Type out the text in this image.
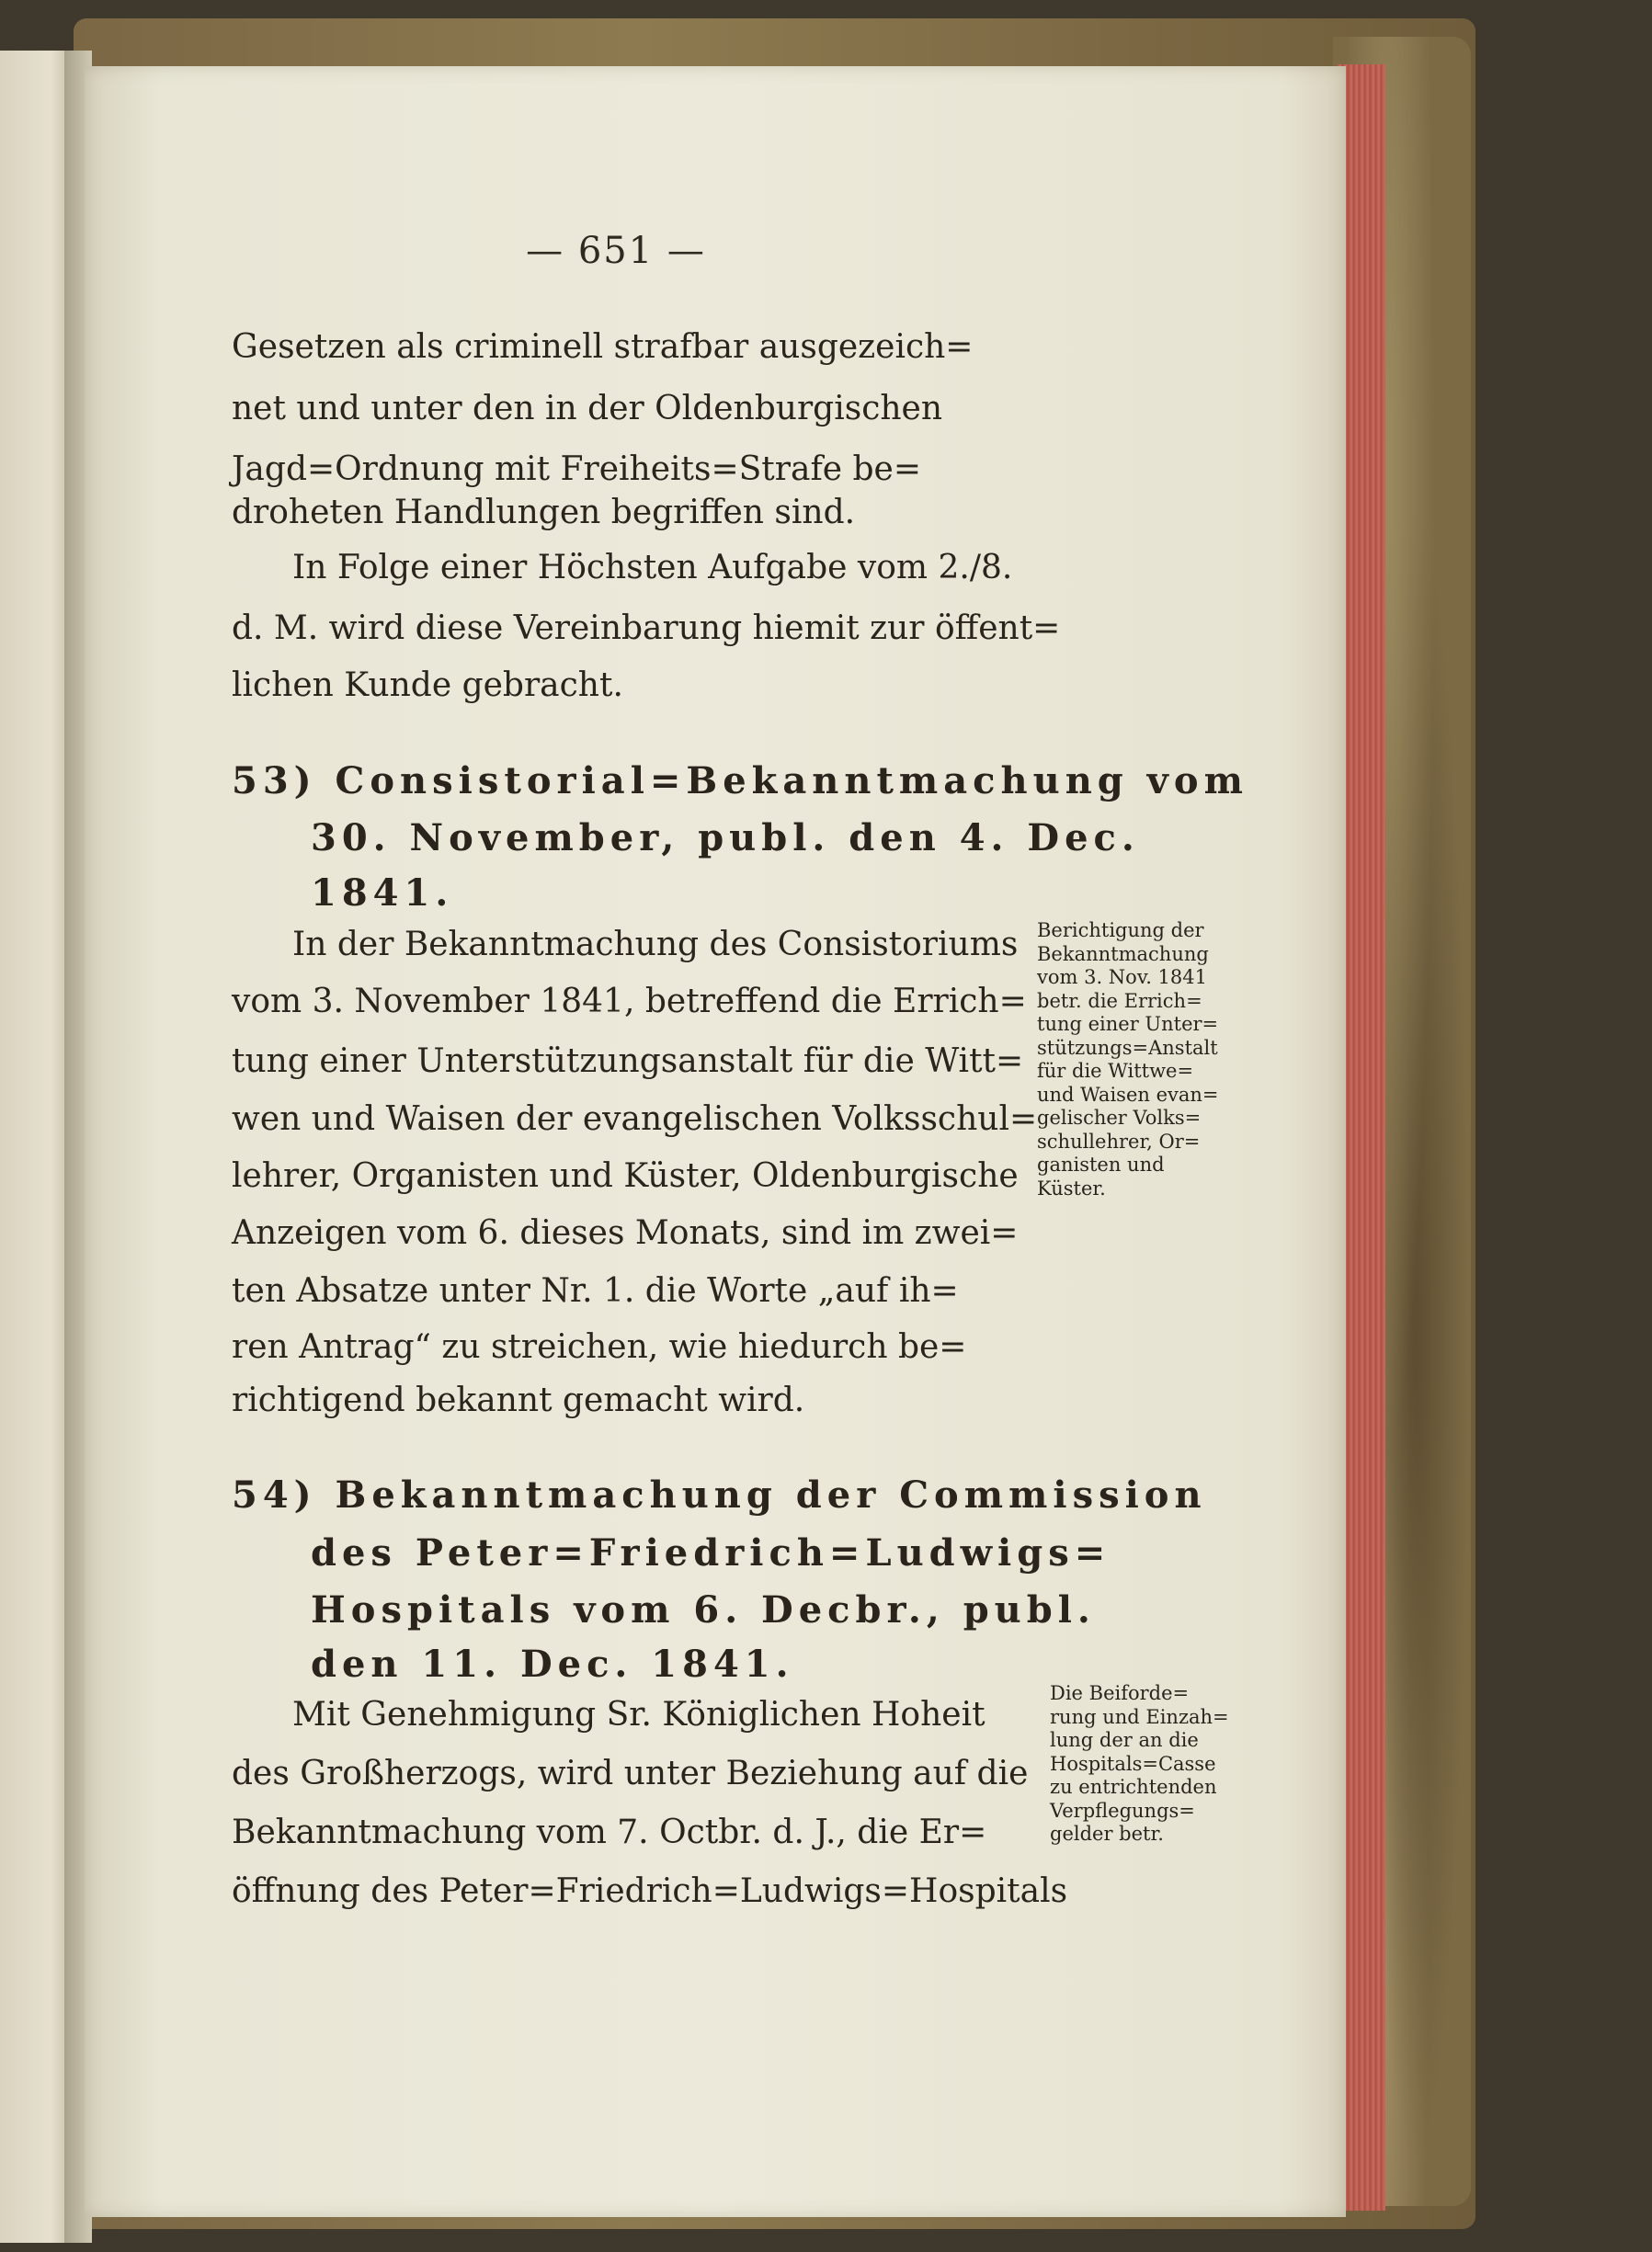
— 651 —
Gesetzen als criminell strafbar ausgezeich=
net und unter den in der Oldenburgischen
Jagd=Ordnung mit Freiheits=Strafe be=
droheten Handlungen begriffen sind.
In Folge einer Höchsten Aufgabe vom 2./8.
d. M. wird diese Vereinbarung hiemit zur öffent=
lichen Kunde gebracht.
53) Consistorial=Bekanntmachung vom
30. November, publ. den 4. Dec.
1841.
In der Bekanntmachung des Consistoriums
vom 3. November 1841, betreffend die Errich=
tung einer Unterstützungsanstalt für die Witt=
wen und Waisen der evangelischen Volksschul=
lehrer, Organisten und Küster, Oldenburgische
Anzeigen vom 6. dieses Monats, sind im zwei=
ten Absatze unter Nr. 1. die Worte „auf ih=
ren Antrag“ zu streichen, wie hiedurch be=
richtigend bekannt gemacht wird.
Berichtigung der
Bekanntmachung
vom 3. Nov. 1841
betr. die Errich=
tung einer Unter=
stützungs=Anstalt
für die Wittwe=
und Waisen evan=
gelischer Volks=
schullehrer, Or=
ganisten und
Küster.
54) Bekanntmachung der Commission
des Peter=Friedrich=Ludwigs=
Hospitals vom 6. Decbr., publ.
den 11. Dec. 1841.
Mit Genehmigung Sr. Königlichen Hoheit
des Großherzogs, wird unter Beziehung auf die
Bekanntmachung vom 7. Octbr. d. J., die Er=
öffnung des Peter=Friedrich=Ludwigs=Hospitals
Die Beiforde=
rung und Einzah=
lung der an die
Hospitals=Casse
zu entrichtenden
Verpflegungs=
gelder betr.
